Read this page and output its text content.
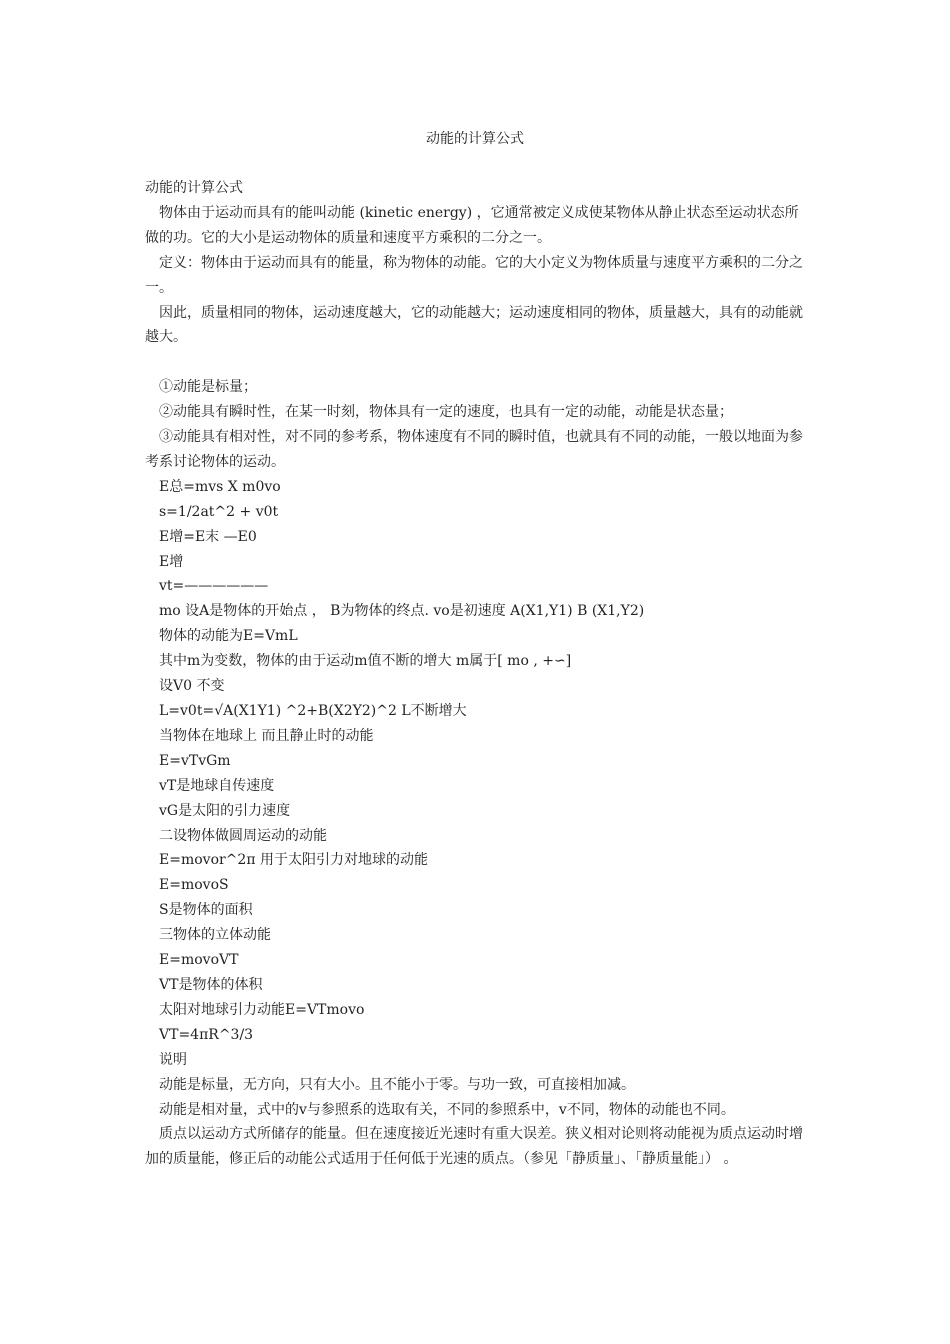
动能的计算公式

动能的计算公式

物体由于运动而具有的能叫动能 (kinetic energy) ，它通常被定义成使某物体从静止状态至运动状态所做的功。它的大小是运动物体的质量和速度平方乘积的二分之一。

定义：物体由于运动而具有的能量，称为物体的动能。它的大小定义为物体质量与速度平方乘积的二分之一。

因此，质量相同的物体，运动速度越大，它的动能越大；运动速度相同的物体，质量越大，具有的动能就越大。

①动能是标量；

②动能具有瞬时性，在某一时刻，物体具有一定的速度，也具有一定的动能，动能是状态量；

③动能具有相对性，对不同的参考系，物体速度有不同的瞬时值，也就具有不同的动能，一般以地面为参考系讨论物体的运动。

E总=mvs X m0vo

s=1/2at^2 + v0t

E增=E末 —E0

E增

vt=——————

mo 设A是物体的开始点 ， B为物体的终点. vo是初速度 A(X1,Y1) B (X1,Y2)

物体的动能为E=VmL

其中m为变数，物体的由于运动m值不断的增大 m属于[ mo , +∽]

设V0 不变

L=v0t=√A(X1Y1) ^2+B(X2Y2)^2 L不断增大

当物体在地球上 而且静止时的动能

E=vTvGm

vT是地球自传速度

vG是太阳的引力速度

二设物体做圆周运动的动能

E=movor^2π 用于太阳引力对地球的动能

E=movoS

S是物体的面积

三物体的立体动能

E=movoVT

VT是物体的体积

太阳对地球引力动能E=VTmovo

VT=4πR^3/3

说明

动能是标量，无方向，只有大小。且不能小于零。与功一致，可直接相加减。

动能是相对量，式中的v与参照系的选取有关，不同的参照系中，v不同，物体的动能也不同。

质点以运动方式所储存的能量。但在速度接近光速时有重大误差。狭义相对论则将动能视为质点运动时增加的质量能，修正后的动能公式适用于任何低于光速的质点。（参见「静质量」、「静质量能」） 。
